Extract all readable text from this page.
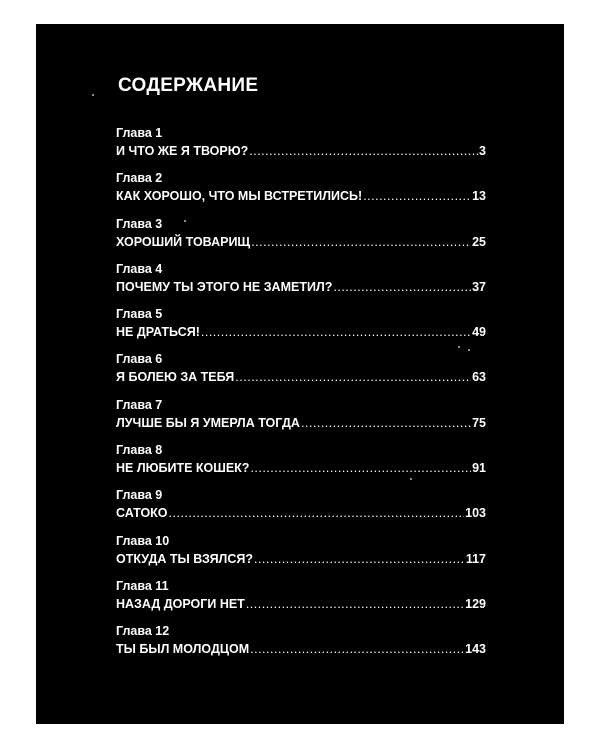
СОДЕРЖАНИЕ
Глава 1
И ЧТО ЖЕ Я ТВОРЮ? .....	3
Глава 2
КАК ХОРОШО, ЧТО МЫ ВСТРЕТИЛИСЬ! .....	13
Глава 3
ХОРОШИЙ ТОВАРИЩ .....	25
Глава 4
ПОЧЕМУ ТЫ ЭТОГО НЕ ЗАМЕТИЛ? .....	37
Глава 5
НЕ ДРАТЬСЯ! .....	49
Глава 6
Я БОЛЕЮ ЗА ТЕБЯ .....	63
Глава 7
ЛУЧШЕ БЫ Я УМЕРЛА ТОГДА .....	75
Глава 8
НЕ ЛЮБИТЕ КОШЕК? .....	91
Глава 9
САТОКО .....	103
Глава 10
ОТКУДА ТЫ ВЗЯЛСЯ? .....	117
Глава 11
НАЗАД ДОРОГИ НЕТ .....	129
Глава 12
ТЫ БЫЛ МОЛОДЦОМ .....	143
